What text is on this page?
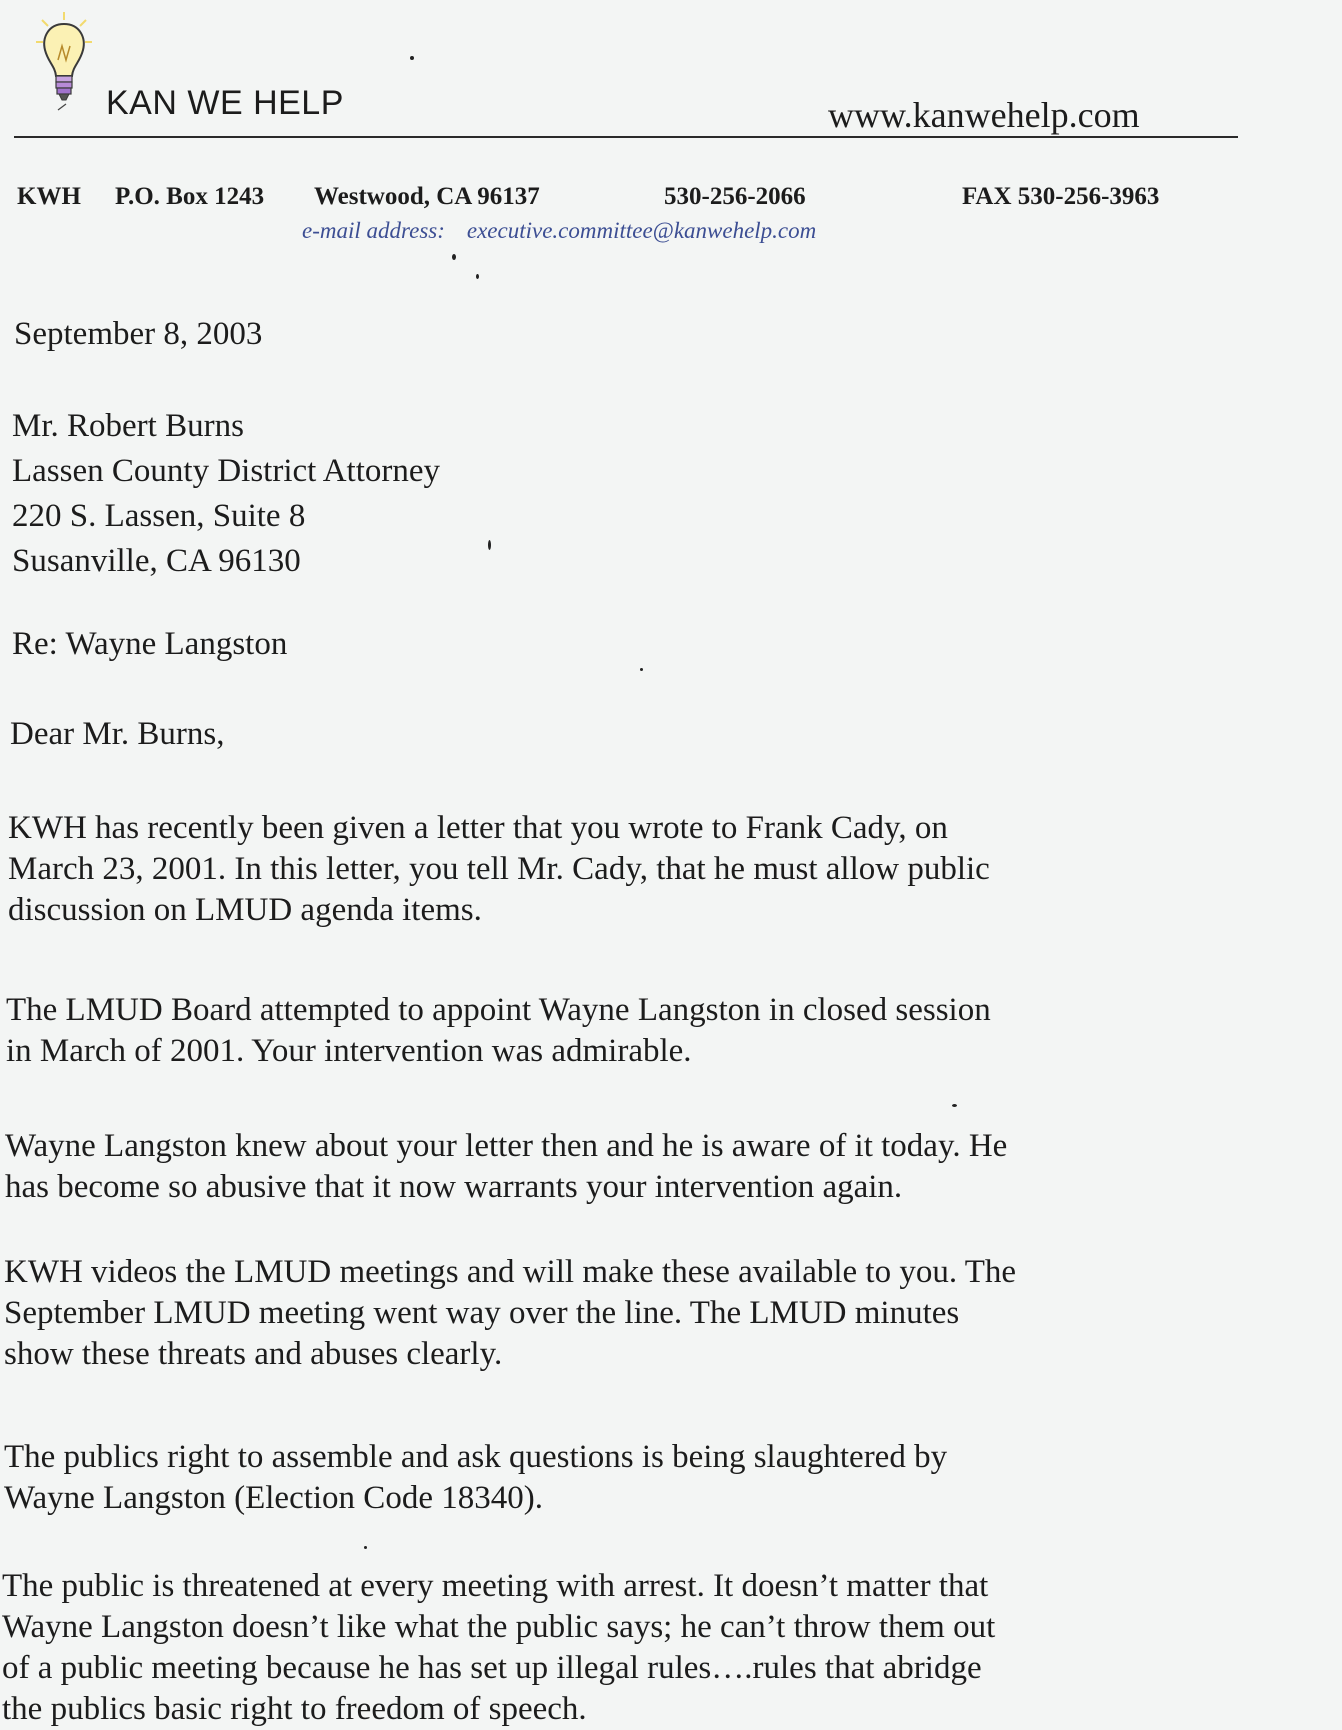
KAN WE HELP	www.kanwehelp.com
KWH P.O. Box 1243 Westwood, CA 96137	530-256-2066	FAX 530-256-3963
e-mail address: executive.committee@kanwehelp.com
September 8, 2003
Mr. Robert Burns
Lassen County District Attorney
220 S. Lassen, Suite 8
Susanville, CA 96130
Re: Wayne Langston
Dear Mr. Burns,
KWH has recently been given a letter that you wrote to Frank Cady, on
March 23, 2001. In this letter, you tell Mr. Cady, that he must allow public
discussion on LMUD agenda items.
The LMUD Board attempted to appoint Wayne Langston in closed session
in March of 2001. Your intervention was admirable.
Wayne Langston knew about your letter then and he is aware of it today. He
has become so abusive that it now warrants your intervention again.
KWH videos the LMUD meetings and will make these available to you. The
September LMUD meeting went way over the line. The LMUD minutes
show these threats and abuses clearly.
The publics right to assemble and ask questions is being slaughtered by
Wayne Langston (Election Code 18340).
The public is threatened at every meeting with arrest. It doesn’t matter that
Wayne Langston doesn’t like what the public says; he can’t throw them out
of a public meeting because he has set up illegal rules….rules that abridge
the publics basic right to freedom of speech.
